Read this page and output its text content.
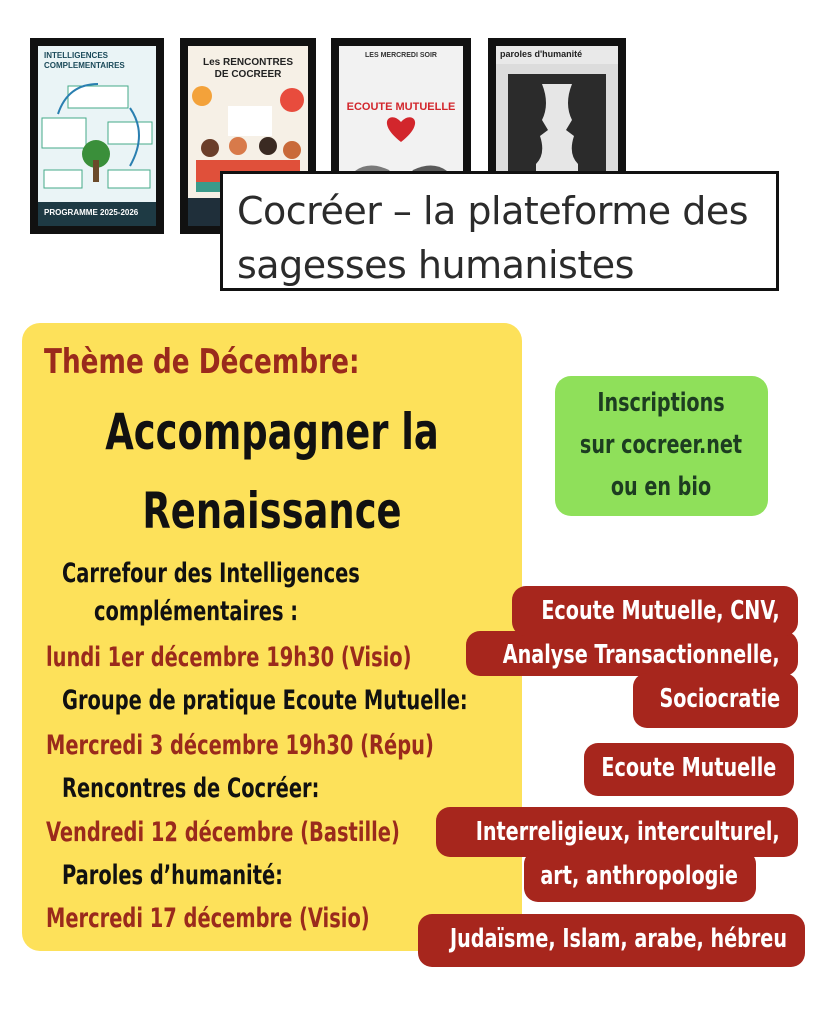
INTELLIGENCES
COMPLEMENTAIRES
PROGRAMME 2025-2026
Les RENCONTRES
DE COCREER
LES MERCREDI SOIR
ECOUTE MUTUELLE
paroles d'humanité
Cocréer – la plateforme des
sagesses humanistes
Thème de Décembre:
Accompagner la
Renaissance
Carrefour des Intelligences
complémentaires :
lundi 1er décembre 19h30 (Visio)
Groupe de pratique Ecoute Mutuelle:
Mercredi 3 décembre 19h30 (Répu)
Rencontres de Cocréer:
Vendredi 12 décembre (Bastille)
Paroles d’humanité:
Mercredi 17 décembre (Visio)
Inscriptions
sur cocreer.net
ou en bio
Ecoute Mutuelle, CNV,
Analyse Transactionnelle,
Sociocratie
Ecoute Mutuelle
Interreligieux, interculturel,
art, anthropologie
Judaïsme, Islam, arabe, hébreu
